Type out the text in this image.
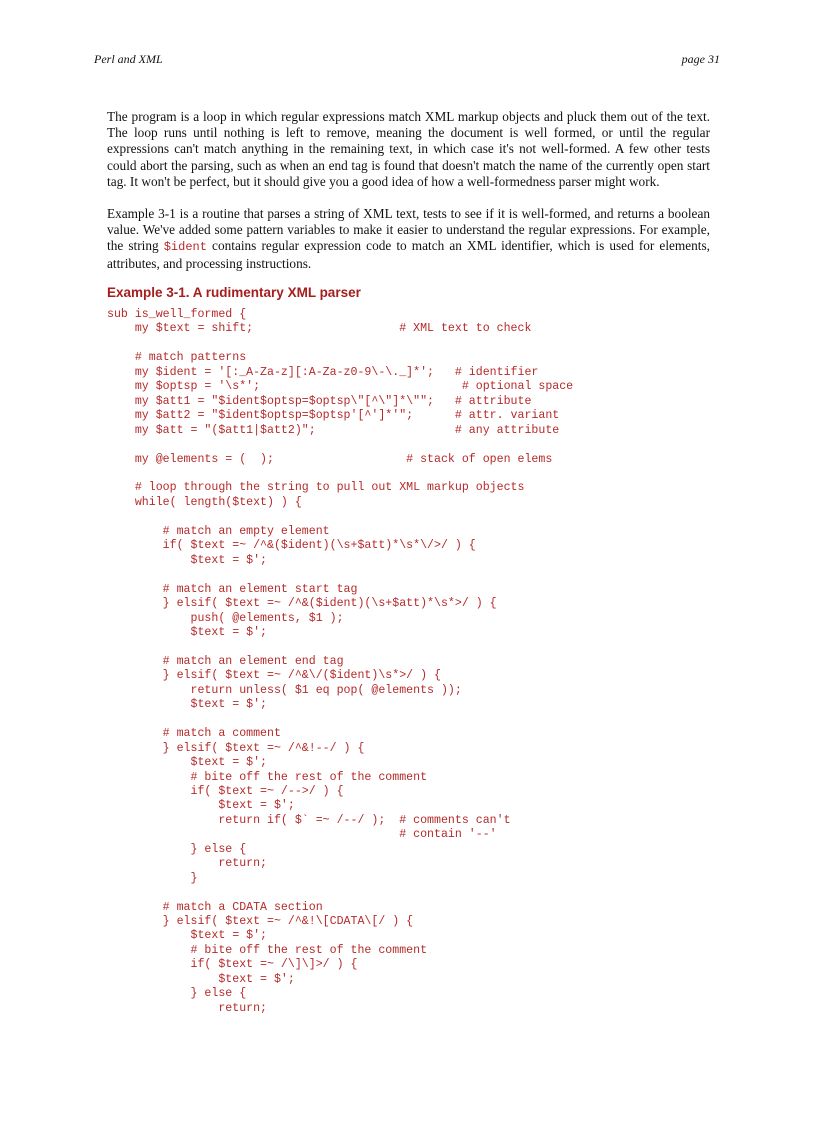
Perl and XML	page 31

The program is a loop in which regular expressions match XML markup objects and pluck them out of the text. The loop runs until nothing is left to remove, meaning the document is well formed, or until the regular expressions can't match anything in the remaining text, in which case it's not well-formed. A few other tests could abort the parsing, such as when an end tag is found that doesn't match the name of the currently open start tag. It won't be perfect, but it should give you a good idea of how a well-formedness parser might work.

Example 3-1 is a routine that parses a string of XML text, tests to see if it is well-formed, and returns a boolean value. We've added some pattern variables to make it easier to understand the regular expressions. For example, the string $ident contains regular expression code to match an XML identifier, which is used for elements, attributes, and processing instructions.

Example 3-1. A rudimentary XML parser
sub is_well_formed {
my $text = shift;                     # XML text to check

# match patterns
my $ident = '[:_A-Za-z][:A-Za-z0-9\-\._]*';   # identifier
my $optsp = '\s*';                             # optional space
my $att1 = "$ident$optsp=$optsp\"[^\"]*\"";   # attribute
my $att2 = "$ident$optsp=$optsp'[^']*'";      # attr. variant
my $att = "($att1|$att2)";                    # any attribute

my @elements = (  );                   # stack of open elems

# loop through the string to pull out XML markup objects
while( length($text) ) {

# match an empty element
if( $text =~ /^&($ident)(\s+$att)*\s*\/>/ ) {
$text = $';

# match an element start tag
} elsif( $text =~ /^&($ident)(\s+$att)*\s*>/ ) {
push( @elements, $1 );
$text = $';

# match an element end tag
} elsif( $text =~ /^&\/($ident)\s*>/ ) {
return unless( $1 eq pop( @elements ));
$text = $';

# match a comment
} elsif( $text =~ /^&!--/ ) {
$text = $';
# bite off the rest of the comment
if( $text =~ /-->/ ) {
$text = $';
return if( $` =~ /--/ );  # comments can't
# contain '--'
} else {
return;
}

# match a CDATA section
} elsif( $text =~ /^&!\[CDATA\[/ ) {
$text = $';
# bite off the rest of the comment
if( $text =~ /\]\]>/ ) {
$text = $';
} else {
return;
